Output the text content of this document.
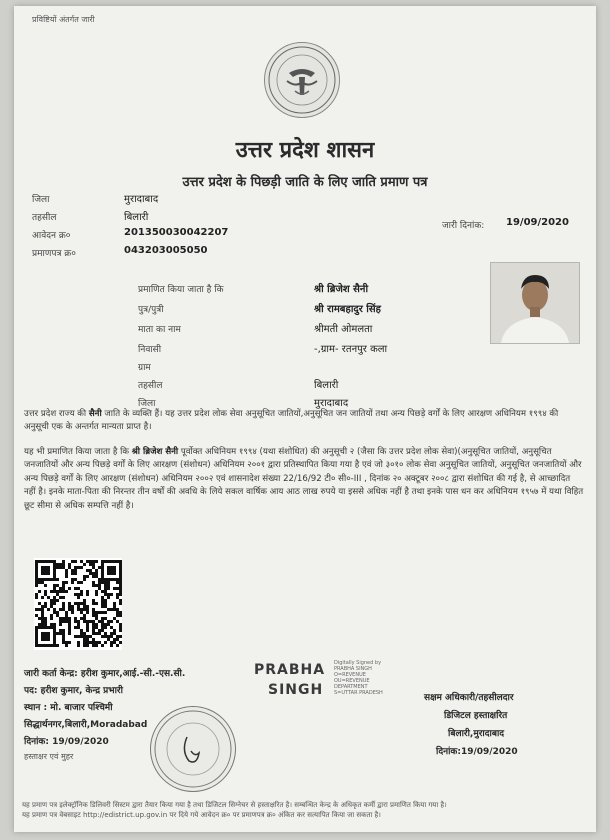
प्रविष्टियों अंतर्गत जारी
उत्तर प्रदेश शासन
उत्तर प्रदेश के पिछड़ी जाति के लिए जाति प्रमाण पत्र
जिला	मुरादाबाद
तहसील	बिलारी
आवेदन क्र०	201350030042207
प्रमाणपत्र क्र०	043203005050
जारी दिनांक: 19/09/2020
प्रमाणित किया जाता है कि	श्री ब्रिजेश सैनी
पुत्र/पुत्री	श्री रामबहादुर सिंह
माता का नाम	श्रीमती ओमलता
निवासी	-,ग्राम- रतनपुर कला
ग्राम
तहसील	बिलारी
जिला	मुरादाबाद
उत्तर प्रदेश राज्य की सैनी जाति के व्यक्ति हैं। यह उत्तर प्रदेश लोक सेवा अनुसूचित जातियों,अनुसूचित जन जातियों तथा अन्य पिछड़े वर्गों के लिए आरक्षण अधिनियम १९९४ की अनुसूची एक के अन्तर्गत मान्यता प्राप्त है।
यह भी प्रमाणित किया जाता है कि श्री ब्रिजेश सैनी पूर्वोक्त अधिनियम १९९४ (यथा संशोधित) की अनुसूची २ (जैसा कि उत्तर प्रदेश लोक सेवा)(अनुसूचित जातियों, अनुसूचित जनजातियों और अन्य पिछड़े वर्गों के लिए आरक्षण (संशोधन) अधिनियम २००१ द्वारा प्रतिस्थापित किया गया है एवं जो ३०१० लोक सेवा अनुसूचित जातियों, अनुसूचित जनजातियों और अन्य पिछड़े वर्गों के लिए आरक्षण (संशोधन) अधिनियम २००२ एवं शासनादेश संख्या 22/16/92 टी० सी०-III , दिनांक २० अक्टूबर २००८ द्वारा संशोधित की गई है, से आच्छादित नहीं है। इनके माता-पिता की निरन्तर तीन वर्षों की अवधि के लिये सकल वार्षिक आय आठ लाख रुपये या इससे अधिक नहीं है तथा इनके पास धन कर अधिनियम १९५७ में यथा विहित छूट सीमा से अधिक सम्पत्ति नहीं है।
जारी कर्ता केन्द्र: हरीश कुमार,आई.-सी.-एस.सी.
पद: हरीश कुमार, केन्द्र प्रभारी
स्थान : मो. बाजार पश्चिमी
सिद्धार्थनगर,बिलारी,Moradabad
दिनांक: 19/09/2020
हस्ताक्षर एवं मुहर
PRABHA
SINGH
Digitally Signed by
PRABHA SINGH
O=REVENUE
OU=REVENUE
DEPARTMENT
S=UTTAR PRADESH	सक्षम अधिकारी/तहसीलदार
डिजिटल हस्ताक्षरित
बिलारी,मुरादाबाद
दिनांक:19/09/2020
यह प्रमाण पत्र इलेक्ट्रॉनिक डिलिवरी सिस्टम द्वारा तैयार किया गया है तथा डिजिटल सिग्नेचर से हस्ताक्षरित है। सम्बन्धित केन्द्र के अधिकृत कर्मी द्वारा प्रमाणित किया गया है।
यह प्रमाण पत्र वेबसाइट http://edistrict.up.gov.in पर दिये गये आवेदन क्र० पर प्रमाणपत्र क्र० अंकित कर सत्यापित किया जा सकता है।
